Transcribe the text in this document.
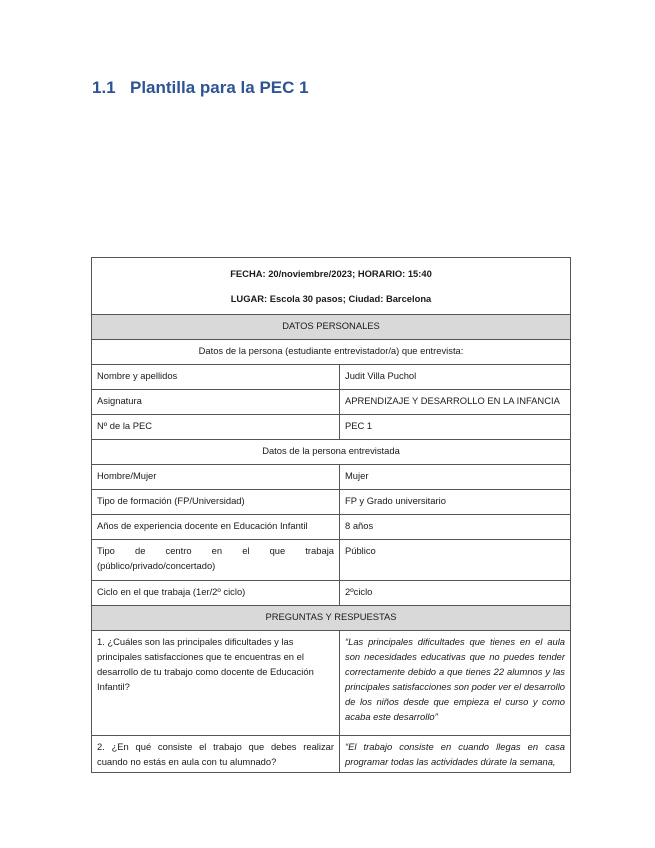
1.1 Plantilla para la PEC 1
FECHA: 20/noviembre/2023; HORARIO: 15:40
LUGAR: Escola 30 pasos; Ciudad: Barcelona	

DATOS PERSONALES	
Datos de la persona (estudiante entrevistador/a) que entrevista:	
Nombre y apellidos	Judit Villa Puchol
Asignatura	APRENDIZAJE Y DESARROLLO EN LA INFANCIA
Nº de la PEC	PEC 1
Datos de la persona entrevistada	
Hombre/Mujer	Mujer
Tipo de formación (FP/Universidad)	FP y Grado universitario
Años de experiencia docente en Educación Infantil	8 años
Tipo de centro en el que trabaja (público/privado/concertado)	Público
Ciclo en el que trabaja (1er/2º ciclo)	2ºciclo
PREGUNTAS Y RESPUESTAS	
1. ¿Cuáles son las principales dificultades y las principales satisfacciones que te encuentras en el desarrollo de tu trabajo como docente de Educación Infantil?	“Las principales dificultades que tienes en el aula son necesidades educativas que no puedes tender correctamente debido a que tienes 22 alumnos y las principales satisfacciones son poder ver el desarrollo de los niños desde que empieza el curso y como acaba este desarrollo”
2. ¿En qué consiste el trabajo que debes realizar cuando no estás en aula con tu alumnado?	“El trabajo consiste en cuando llegas en casa programar todas las actividades dúrate la semana,
